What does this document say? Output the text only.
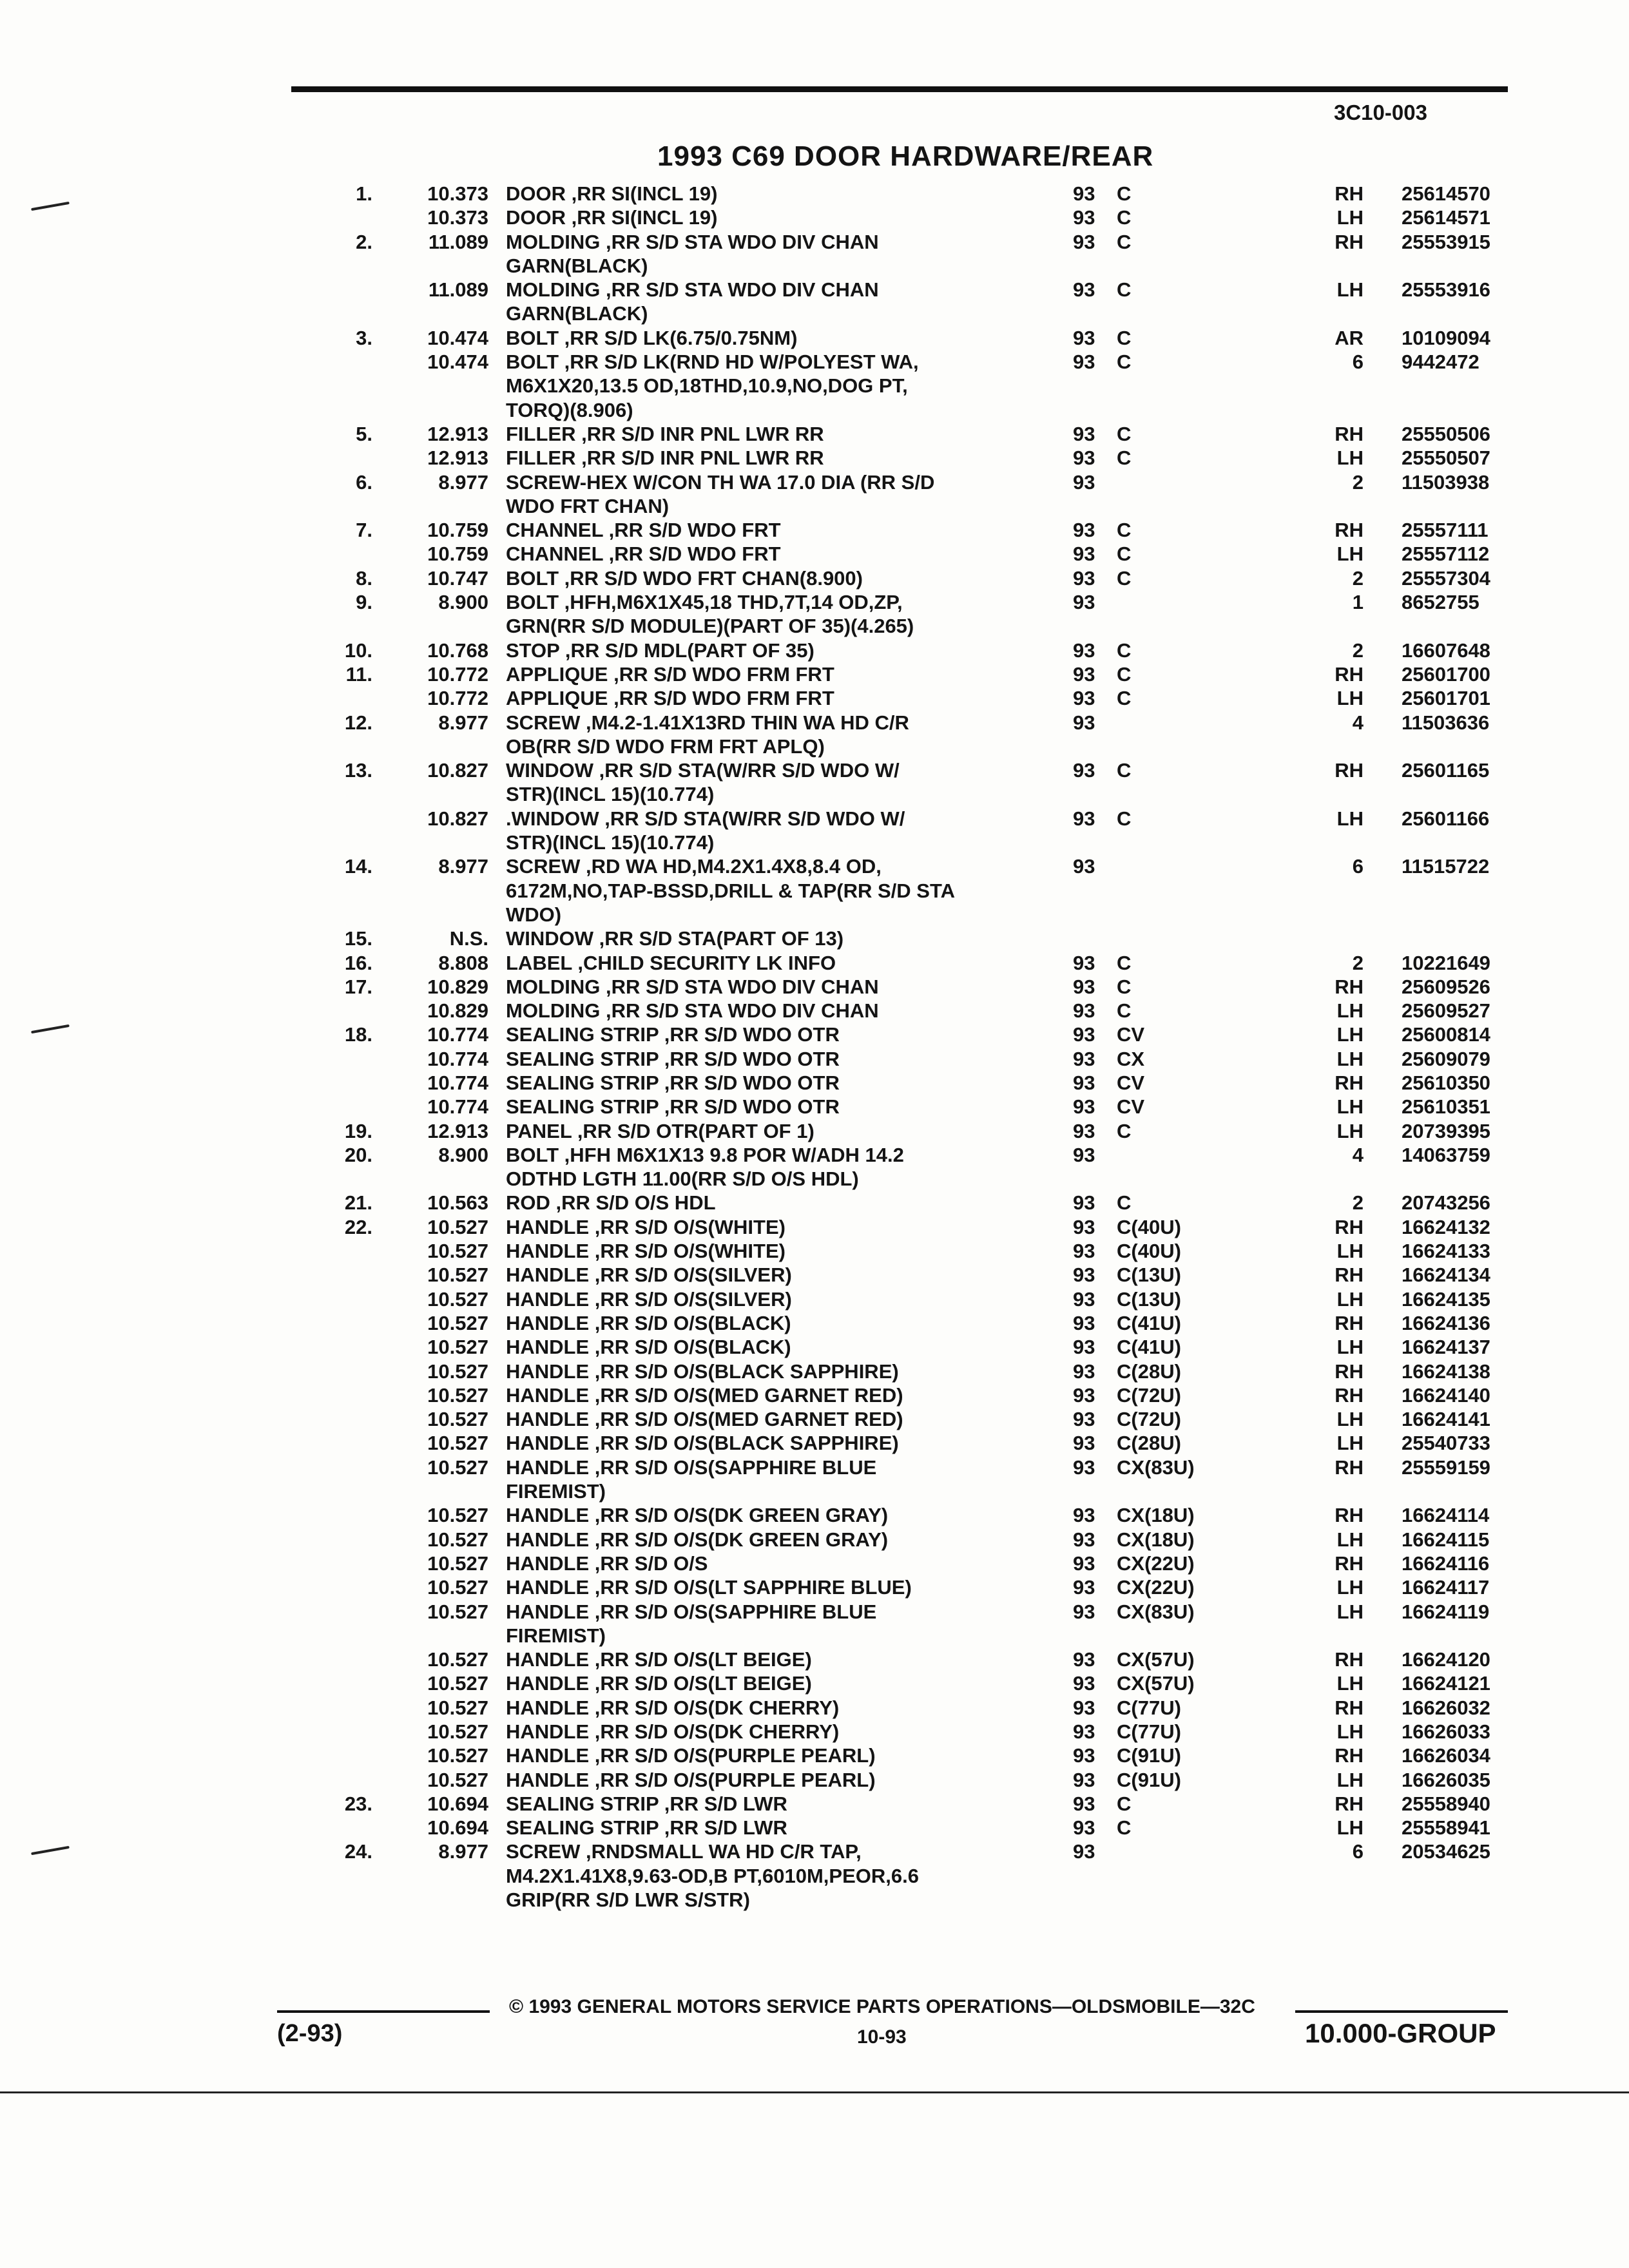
3C10-003
1993 C69 DOOR HARDWARE/REAR
1.	10.373 DOOR ,RR SI(INCL 19)	93 C	RH 25614570
10.373 DOOR ,RR SI(INCL 19)	93 C	LH 25614571
2.	11.089 MOLDING ,RR S/D STA WDO DIV CHAN	93 C	RH 25553915
GARN(BLACK)
11.089 MOLDING ,RR S/D STA WDO DIV CHAN	93 C	LH 25553916
GARN(BLACK)
3.	10.474 BOLT ,RR S/D LK(6.75/0.75NM)	93 C	AR 10109094
10.474 BOLT ,RR S/D LK(RND HD W/POLYEST WA,	93 C	6 9442472
M6X1X20,13.5 OD,18THD,10.9,NO,DOG PT,
TORQ)(8.906)
5.	12.913 FILLER ,RR S/D INR PNL LWR RR	93 C	RH 25550506
12.913 FILLER ,RR S/D INR PNL LWR RR	93 C	LH 25550507
6.	8.977 SCREW-HEX W/CON TH WA 17.0 DIA (RR S/D	93	2 11503938
WDO FRT CHAN)
7.	10.759 CHANNEL ,RR S/D WDO FRT	93 C	RH 25557111
10.759 CHANNEL ,RR S/D WDO FRT	93 C	LH 25557112
8.	10.747 BOLT ,RR S/D WDO FRT CHAN(8.900)	93 C	2 25557304
9.	8.900 BOLT ,HFH,M6X1X45,18 THD,7T,14 OD,ZP,	93	1 8652755
GRN(RR S/D MODULE)(PART OF 35)(4.265)
10.	10.768 STOP ,RR S/D MDL(PART OF 35)	93 C	2 16607648
11.	10.772 APPLIQUE ,RR S/D WDO FRM FRT	93 C	RH 25601700
10.772 APPLIQUE ,RR S/D WDO FRM FRT	93 C	LH 25601701
12.	8.977 SCREW ,M4.2-1.41X13RD THIN WA HD C/R	93	4 11503636
OB(RR S/D WDO FRM FRT APLQ)
13.	10.827 WINDOW ,RR S/D STA(W/RR S/D WDO W/	93 C	RH 25601165
STR)(INCL 15)(10.774)
10.827 .WINDOW ,RR S/D STA(W/RR S/D WDO W/	93 C	LH 25601166
STR)(INCL 15)(10.774)
14.	8.977 SCREW ,RD WA HD,M4.2X1.4X8,8.4 OD,	93	6 11515722
6172M,NO,TAP-BSSD,DRILL & TAP(RR S/D STA
WDO)
15.	N.S. WINDOW ,RR S/D STA(PART OF 13)
16.	8.808 LABEL ,CHILD SECURITY LK INFO	93 C	2 10221649
17.	10.829 MOLDING ,RR S/D STA WDO DIV CHAN	93 C	RH 25609526
10.829 MOLDING ,RR S/D STA WDO DIV CHAN	93 C	LH 25609527
18.	10.774 SEALING STRIP ,RR S/D WDO OTR	93 CV	LH 25600814
10.774 SEALING STRIP ,RR S/D WDO OTR	93 CX	LH 25609079
10.774 SEALING STRIP ,RR S/D WDO OTR	93 CV	RH 25610350
10.774 SEALING STRIP ,RR S/D WDO OTR	93 CV	LH 25610351
19.	12.913 PANEL ,RR S/D OTR(PART OF 1)	93 C	LH 20739395
20.	8.900 BOLT ,HFH M6X1X13 9.8 POR W/ADH 14.2	93	4 14063759
ODTHD LGTH 11.00(RR S/D O/S HDL)
21.	10.563 ROD ,RR S/D O/S HDL	93 C	2 20743256
22.	10.527 HANDLE ,RR S/D O/S(WHITE)	93 C(40U)	RH 16624132
10.527 HANDLE ,RR S/D O/S(WHITE)	93 C(40U)	LH 16624133
10.527 HANDLE ,RR S/D O/S(SILVER)	93 C(13U)	RH 16624134
10.527 HANDLE ,RR S/D O/S(SILVER)	93 C(13U)	LH 16624135
10.527 HANDLE ,RR S/D O/S(BLACK)	93 C(41U)	RH 16624136
10.527 HANDLE ,RR S/D O/S(BLACK)	93 C(41U)	LH 16624137
10.527 HANDLE ,RR S/D O/S(BLACK SAPPHIRE)	93 C(28U)	RH 16624138
10.527 HANDLE ,RR S/D O/S(MED GARNET RED)	93 C(72U)	RH 16624140
10.527 HANDLE ,RR S/D O/S(MED GARNET RED)	93 C(72U)	LH 16624141
10.527 HANDLE ,RR S/D O/S(BLACK SAPPHIRE)	93 C(28U)	LH 25540733
10.527 HANDLE ,RR S/D O/S(SAPPHIRE BLUE	93 CX(83U)	RH 25559159
FIREMIST)
10.527 HANDLE ,RR S/D O/S(DK GREEN GRAY)	93 CX(18U)	RH 16624114
10.527 HANDLE ,RR S/D O/S(DK GREEN GRAY)	93 CX(18U)	LH 16624115
10.527 HANDLE ,RR S/D O/S	93 CX(22U)	RH 16624116
10.527 HANDLE ,RR S/D O/S(LT SAPPHIRE BLUE)	93 CX(22U)	LH 16624117
10.527 HANDLE ,RR S/D O/S(SAPPHIRE BLUE	93 CX(83U)	LH 16624119
FIREMIST)
10.527 HANDLE ,RR S/D O/S(LT BEIGE)	93 CX(57U)	RH 16624120
10.527 HANDLE ,RR S/D O/S(LT BEIGE)	93 CX(57U)	LH 16624121
10.527 HANDLE ,RR S/D O/S(DK CHERRY)	93 C(77U)	RH 16626032
10.527 HANDLE ,RR S/D O/S(DK CHERRY)	93 C(77U)	LH 16626033
10.527 HANDLE ,RR S/D O/S(PURPLE PEARL)	93 C(91U)	RH 16626034
10.527 HANDLE ,RR S/D O/S(PURPLE PEARL)	93 C(91U)	LH 16626035
23.	10.694 SEALING STRIP ,RR S/D LWR	93 C	RH 25558940
10.694 SEALING STRIP ,RR S/D LWR	93 C	LH 25558941
24.	8.977 SCREW ,RNDSMALL WA HD C/R TAP,	93	6 20534625
M4.2X1.41X8,9.63-OD,B PT,6010M,PEOR,6.6
GRIP(RR S/D LWR S/STR)
© 1993 GENERAL MOTORS SERVICE PARTS OPERATIONS—OLDSMOBILE—32C
(2-93)	10-93	10.000-GROUP
